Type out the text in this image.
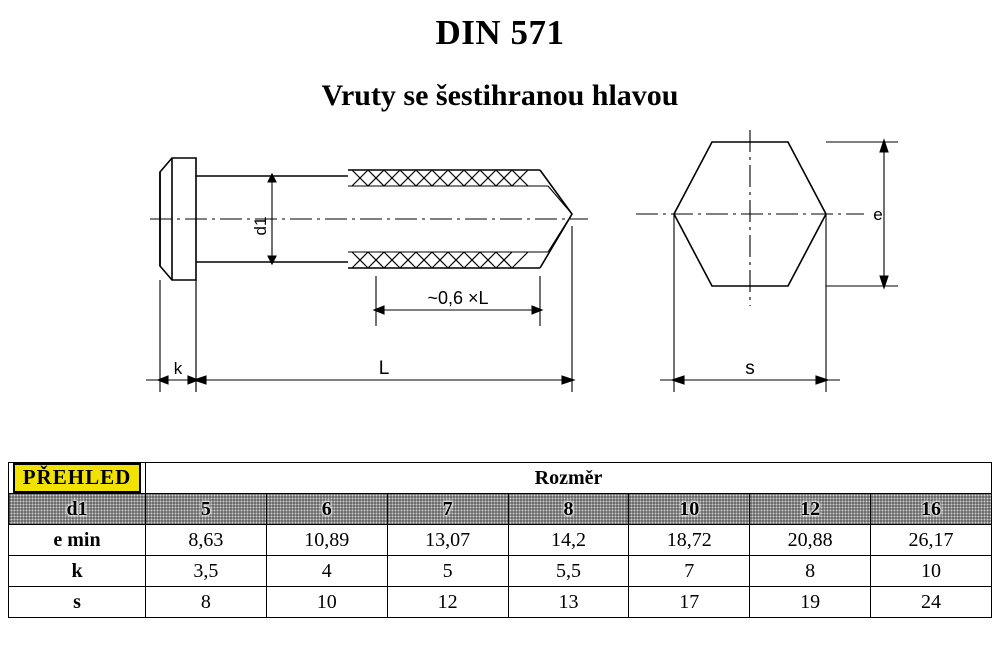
DIN 571
Vruty se šestihranou hlavou
d1
~0,6 ×L
k	L
e
s
PŘEHLED	Rozměr						
d1	5	6	7	8	10	12	16
e min	8,63	10,89	13,07	14,2	18,72	20,88	26,17
k	3,5	4	5	5,5	7	8	10
s	8	10	12	13	17	19	24
